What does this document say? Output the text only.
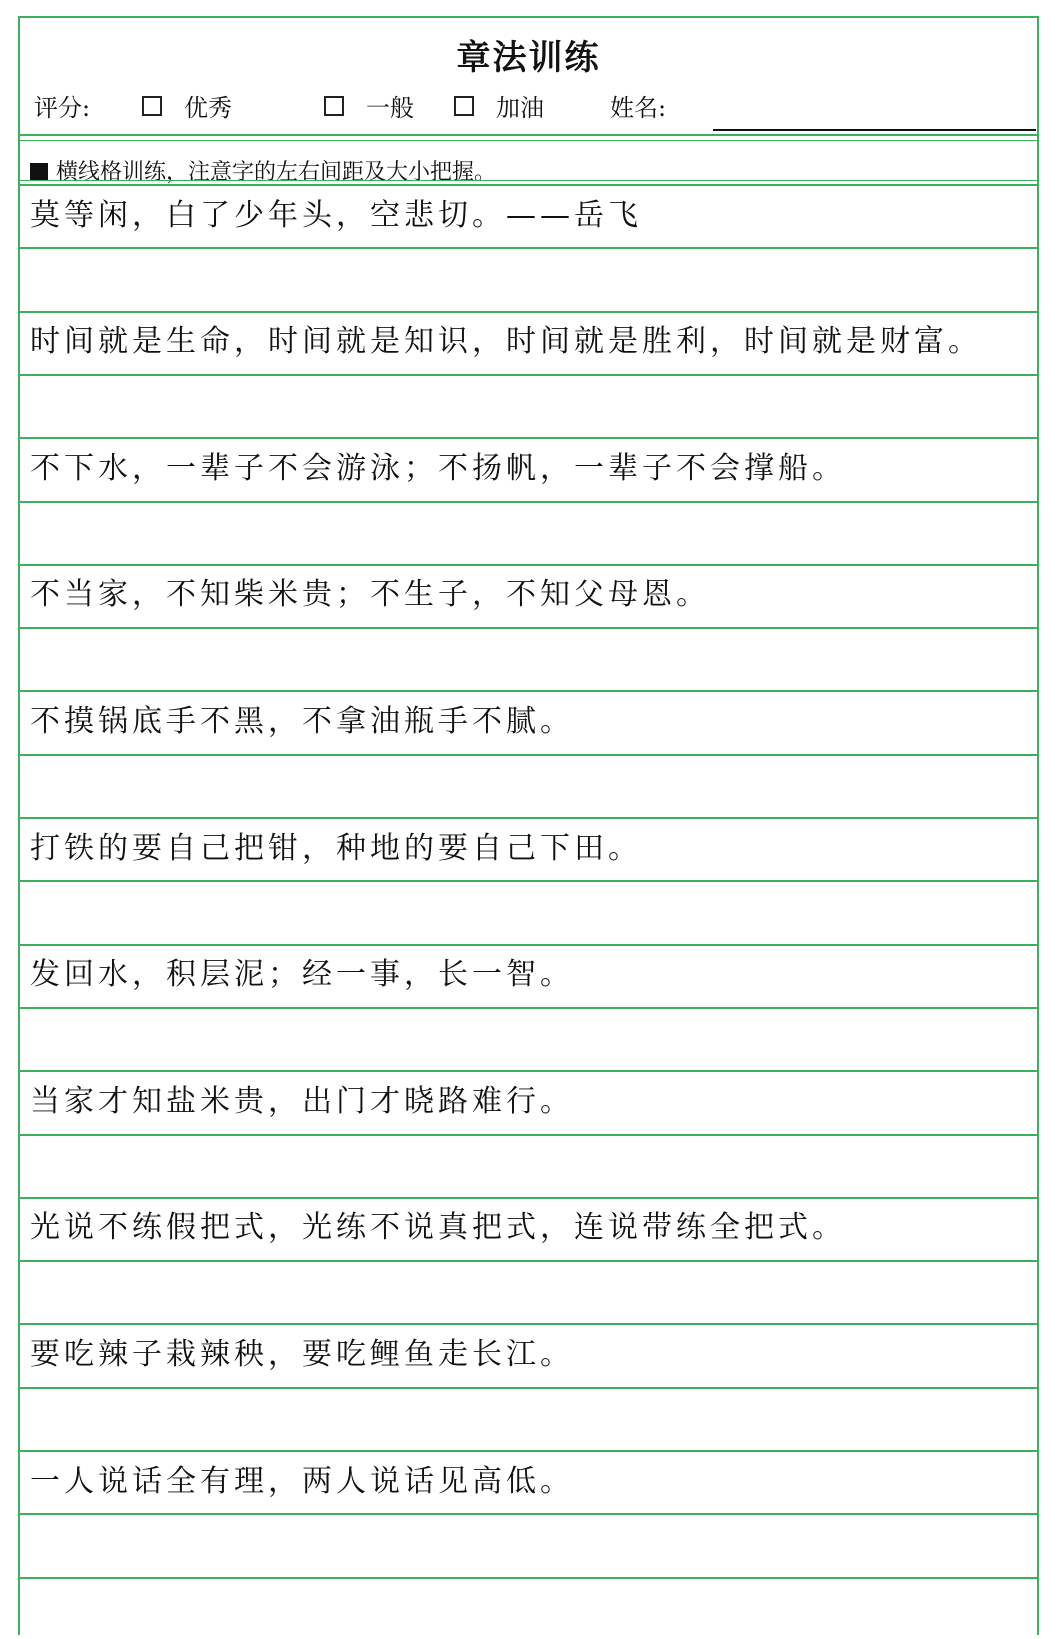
章法训练
评分:	优秀	一般	加油	姓名:
横线格训练，注意字的左右间距及大小把握。
莫等闲，白了少年头，空悲切。——岳飞
时间就是生命，时间就是知识，时间就是胜利，时间就是财富。
不下水，一辈子不会游泳；不扬帆，一辈子不会撑船。
不当家，不知柴米贵；不生子，不知父母恩。
不摸锅底手不黑，不拿油瓶手不腻。
打铁的要自己把钳，种地的要自己下田。
发回水，积层泥；经一事，长一智。
当家才知盐米贵，出门才晓路难行。
光说不练假把式，光练不说真把式，连说带练全把式。
要吃辣子栽辣秧，要吃鲤鱼走长江。
一人说话全有理，两人说话见高低。
